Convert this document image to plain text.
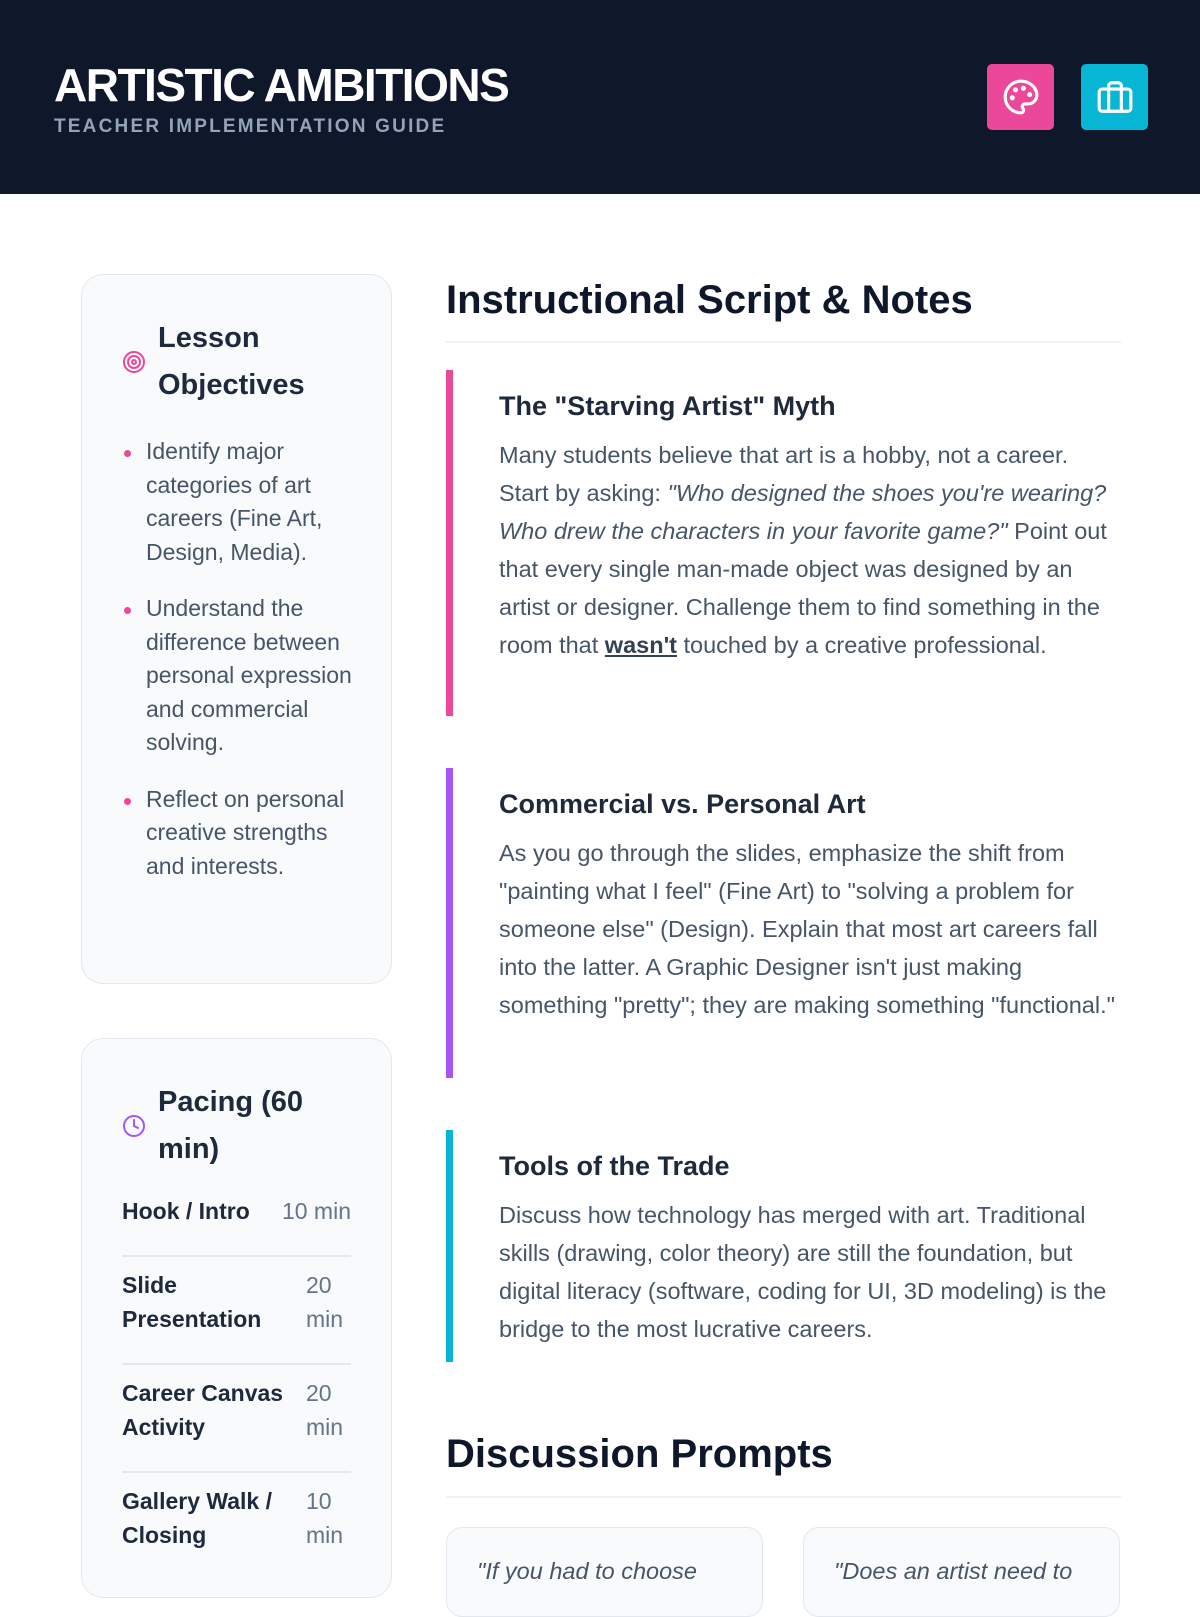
ARTISTIC AMBITIONS
TEACHER IMPLEMENTATION GUIDE
Lesson Objectives
Identify major categories of art careers (Fine Art, Design, Media).
Understand the difference between personal expression and commercial solving.
Reflect on personal creative strengths and interests.
Pacing (60 min)
Hook / Intro 10 min
Slide Presentation
20 min
Career Canvas Activity
20 min
Gallery Walk / Closing
10 min
Instructional Script & Notes
The "Starving Artist" Myth

Many students believe that art is a hobby, not a career. Start by asking: "Who designed the shoes you're wearing? Who drew the characters in your favorite game?" Point out that every single man-made object was designed by an artist or designer. Challenge them to find something in the room that wasn't touched by a creative professional.

Commercial vs. Personal Art

As you go through the slides, emphasize the shift from "painting what I feel" (Fine Art) to "solving a problem for someone else" (Design). Explain that most art careers fall into the latter. A Graphic Designer isn't just making something "pretty"; they are making something "functional."

Tools of the Trade

Discuss how technology has merged with art. Traditional skills (drawing, color theory) are still the foundation, but digital literacy (software, coding for UI, 3D modeling) is the bridge to the most lucrative careers.

Discussion Prompts
"If you had to choose	"Does an artist need to
